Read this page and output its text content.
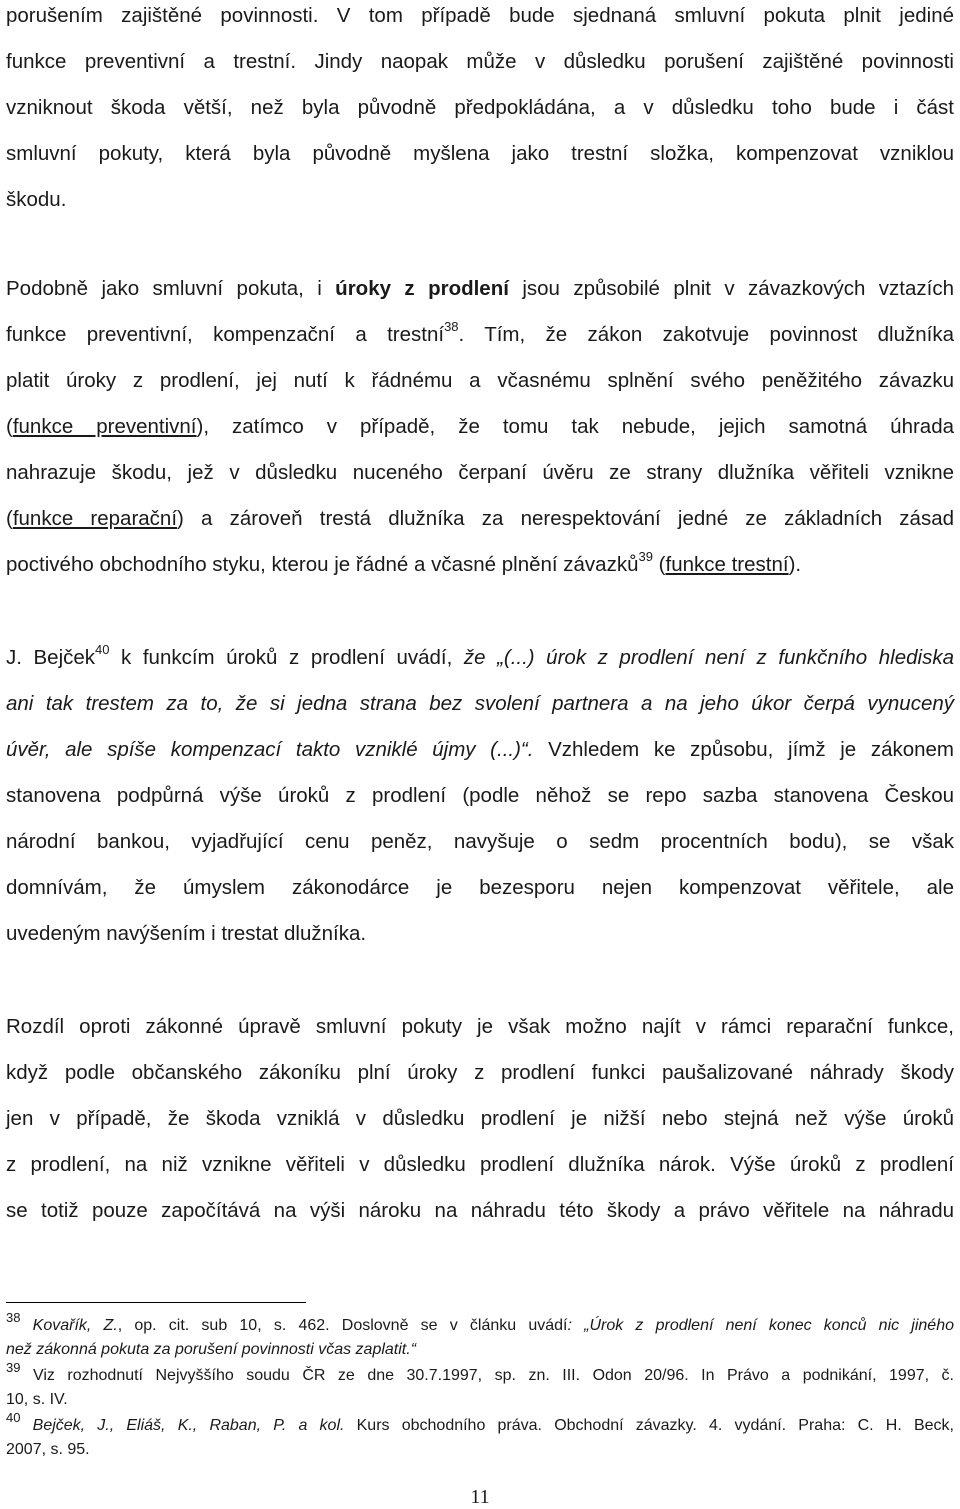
porušením zajištěné povinnosti. V tom případě bude sjednaná smluvní pokuta plnit jediné
funkce preventivní a trestní. Jindy naopak může v důsledku porušení zajištěné povinnosti
vzniknout škoda větší, než byla původně předpokládána, a v důsledku toho bude i část
smluvní pokuty, která byla původně myšlena jako trestní složka, kompenzovat vzniklou
škodu.
Podobně jako smluvní pokuta, i úroky z prodlení jsou způsobilé plnit v závazkových vztazích
funkce preventivní, kompenzační a trestní$^{38}$. Tím, že zákon zakotvuje povinnost dlužníka
platit úroky z prodlení, jej nutí k řádnému a včasnému splnění svého peněžitého závazku
(funkce preventivní), zatímco v případě, že tomu tak nebude, jejich samotná úhrada
nahrazuje škodu, jež v důsledku nuceného čerpaní úvěru ze strany dlužníka věřiteli vznikne
(funkce reparační) a zároveň trestá dlužníka za nerespektování jedné ze základních zásad
poctivého obchodního styku, kterou je řádné a včasné plnění závazků$^{39}$ (funkce trestní).
J. Bejček$^{40}$ k funkcím úroků z prodlení uvádí, že „(...) úrok z prodlení není z funkčního hlediska
ani tak trestem za to, že si jedna strana bez svolení partnera a na jeho úkor čerpá vynucený
úvěr, ale spíše kompenzací takto vzniklé újmy (...)“. Vzhledem ke způsobu, jímž je zákonem
stanovena podpůrná výše úroků z prodlení (podle něhož se repo sazba stanovena Českou
národní bankou, vyjadřující cenu peněz, navyšuje o sedm procentních bodu), se však
domnívám, že úmyslem zákonodárce je bezesporu nejen kompenzovat věřitele, ale
uvedeným navýšením i trestat dlužníka.
Rozdíl oproti zákonné úpravě smluvní pokuty je však možno najít v rámci reparační funkce,
když podle občanského zákoníku plní úroky z prodlení funkci paušalizované náhrady škody
jen v případě, že škoda vzniklá v důsledku prodlení je nižší nebo stejná než výše úroků
z prodlení, na niž vznikne věřiteli v důsledku prodlení dlužníka nárok. Výše úroků z prodlení
se totiž pouze započítává na výši nároku na náhradu této škody a právo věřitele na náhradu
$^{38}$ Kovařík, Z., op. cit. sub 10, s. 462. Doslovně se v článku uvádí: „Úrok z prodlení není konec konců nic jiného
než zákonná pokuta za porušení povinnosti včas zaplatit.“
$^{39}$ Viz rozhodnutí Nejvyššího soudu ČR ze dne 30.7.1997, sp. zn. III. Odon 20/96. In Právo a podnikání, 1997, č.
10, s. IV.
$^{40}$ Bejček, J., Eliáš, K., Raban, P. a kol. Kurs obchodního práva. Obchodní závazky. 4. vydání. Praha: C. H. Beck,
2007, s. 95.
11
